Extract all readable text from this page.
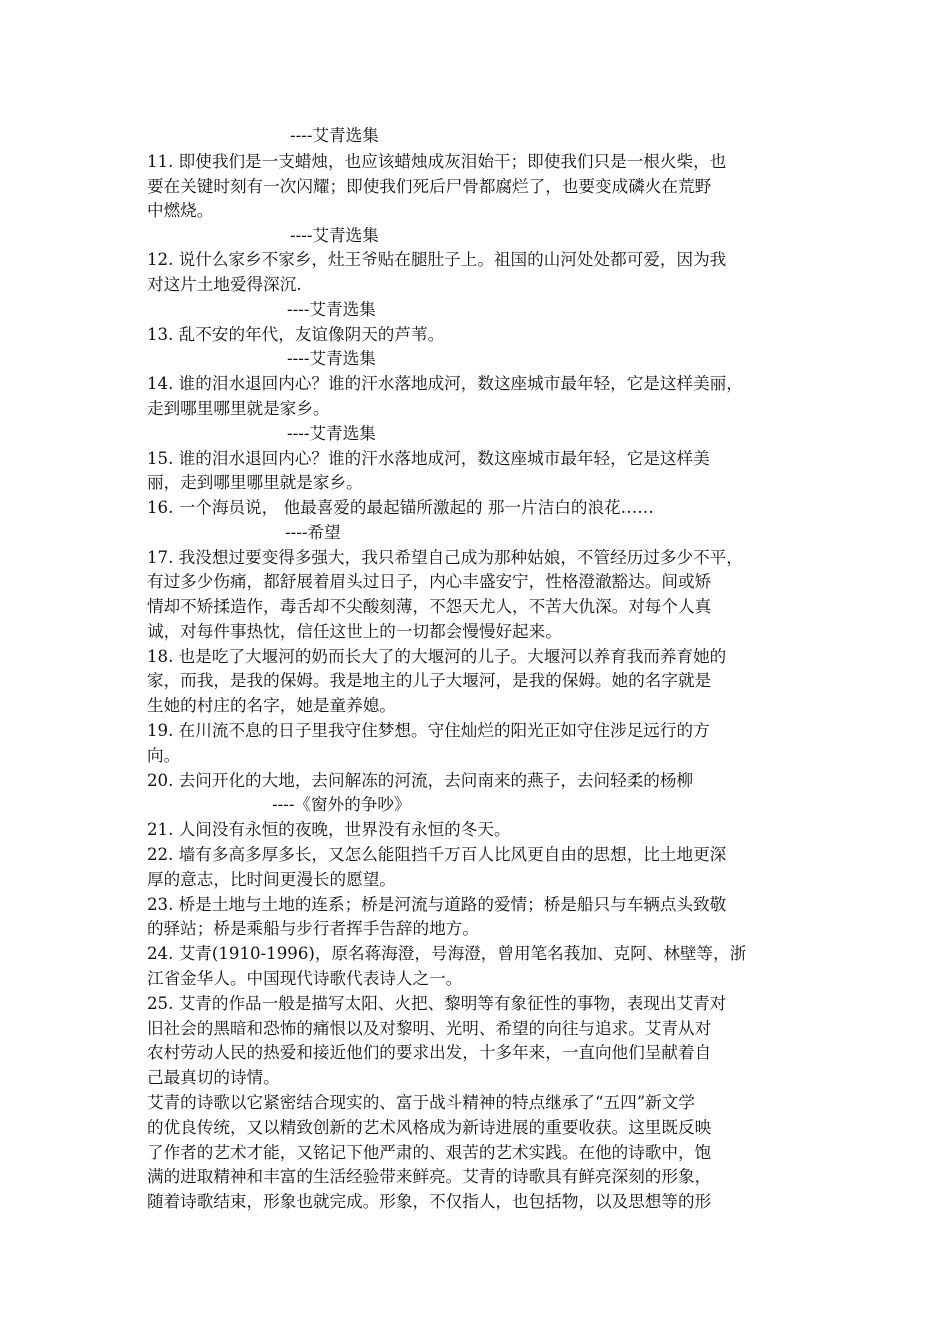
----艾青选集
11. 即使我们是一支蜡烛，也应该蜡烛成灰泪始干；即使我们只是一根火柴，也
要在关键时刻有一次闪耀；即使我们死后尸骨都腐烂了，也要变成磷火在荒野
中燃烧。
----艾青选集
12. 说什么家乡不家乡，灶王爷贴在腿肚子上。祖国的山河处处都可爱，因为我
对这片土地爱得深沉.
----艾青选集
13. 乱不安的年代，友谊像阴天的芦苇。
----艾青选集
14. 谁的泪水退回内心？谁的汗水落地成河，数这座城市最年轻，它是这样美丽，
走到哪里哪里就是家乡。
----艾青选集
15. 谁的泪水退回内心？谁的汗水落地成河，数这座城市最年轻，它是这样美
丽，走到哪里哪里就是家乡。
16. 一个海员说， 他最喜爱的最起锚所激起的 那一片洁白的浪花……
----希望
17. 我没想过要变得多强大，我只希望自己成为那种姑娘，不管经历过多少不平，
有过多少伤痛，都舒展着眉头过日子，内心丰盛安宁，性格澄澈豁达。间或矫
情却不矫揉造作，毒舌却不尖酸刻薄，不怨天尤人，不苦大仇深。对每个人真
诚，对每件事热忱，信任这世上的一切都会慢慢好起来。
18. 也是吃了大堰河的奶而长大了的大堰河的儿子。大堰河以养育我而养育她的
家，而我，是我的保姆。我是地主的儿子大堰河，是我的保姆。她的名字就是
生她的村庄的名字，她是童养媳。
19. 在川流不息的日子里我守住梦想。守住灿烂的阳光正如守住涉足远行的方
向。
20. 去问开化的大地，去问解冻的河流，去问南来的燕子，去问轻柔的杨柳
----《窗外的争吵》
21. 人间没有永恒的夜晚，世界没有永恒的冬天。
22. 墙有多高多厚多长，又怎么能阻挡千万百人比风更自由的思想，比土地更深
厚的意志，比时间更漫长的愿望。
23. 桥是土地与土地的连系；桥是河流与道路的爱情；桥是船只与车辆点头致敬
的驿站；桥是乘船与步行者挥手告辞的地方。
24. 艾青(1910-1996)，原名蒋海澄，号海澄，曾用笔名莪加、克阿、林壁等，浙
江省金华人。中国现代诗歌代表诗人之一。
25. 艾青的作品一般是描写太阳、火把、黎明等有象征性的事物，表现出艾青对
旧社会的黑暗和恐怖的痛恨以及对黎明、光明、希望的向往与追求。艾青从对
农村劳动人民的热爱和接近他们的要求出发，十多年来，一直向他们呈献着自
己最真切的诗情。
艾青的诗歌以它紧密结合现实的、富于战斗精神的特点继承了“五四”新文学
的优良传统，又以精致创新的艺术风格成为新诗进展的重要收获。这里既反映
了作者的艺术才能，又铭记下他严肃的、艰苦的艺术实践。在他的诗歌中，饱
满的进取精神和丰富的生活经验带来鲜亮。艾青的诗歌具有鲜亮深刻的形象，
随着诗歌结束，形象也就完成。形象，不仅指人，也包括物，以及思想等的形
